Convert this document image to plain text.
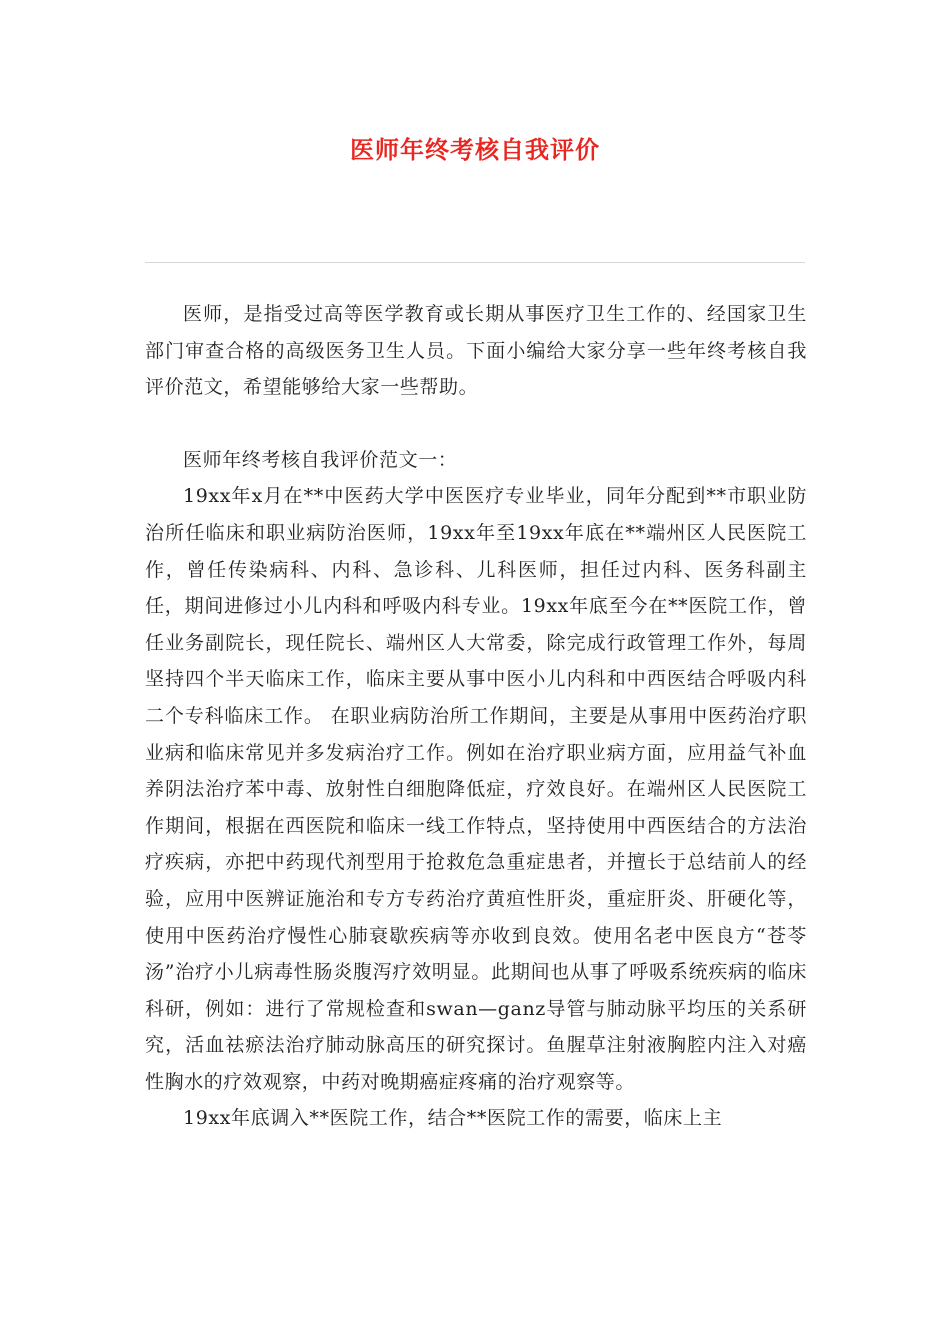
医师年终考核自我评价

医师，是指受过高等医学教育或长期从事医疗卫生工作的、经国家卫生部门审查合格的高级医务卫生人员。下面小编给大家分享一些年终考核自我评价范文，希望能够给大家一些帮助。

医师年终考核自我评价范文一：

19xx年x月在**中医药大学中医医疗专业毕业，同年分配到**市职业防治所任临床和职业病防治医师，19xx年至19xx年底在**端州区人民医院工作，曾任传染病科、内科、急诊科、儿科医师，担任过内科、医务科副主任，期间进修过小儿内科和呼吸内科专业。19xx年底至今在**医院工作，曾任业务副院长，现任院长、端州区人大常委，除完成行政管理工作外，每周坚持四个半天临床工作，临床主要从事中医小儿内科和中西医结合呼吸内科二个专科临床工作。 在职业病防治所工作期间，主要是从事用中医药治疗职业病和临床常见并多发病治疗工作。例如在治疗职业病方面，应用益气补血养阴法治疗苯中毒、放射性白细胞降低症，疗效良好。在端州区人民医院工作期间，根据在西医院和临床一线工作特点，坚持使用中西医结合的方法治疗疾病，亦把中药现代剂型用于抢救危急重症患者，并擅长于总结前人的经验，应用中医辨证施治和专方专药治疗黄疸性肝炎，重症肝炎、肝硬化等，使用中医药治疗慢性心肺衰歇疾病等亦收到良效。使用名老中医良方“苍苓汤”治疗小儿病毒性肠炎腹泻疗效明显。此期间也从事了呼吸系统疾病的临床科研，例如：进行了常规检查和swan—ganz导管与肺动脉平均压的关系研究，活血祛瘀法治疗肺动脉高压的研究探讨。鱼腥草注射液胸腔内注入对癌性胸水的疗效观察，中药对晚期癌症疼痛的治疗观察等。

19xx年底调入**医院工作，结合**医院工作的需要，临床上主
